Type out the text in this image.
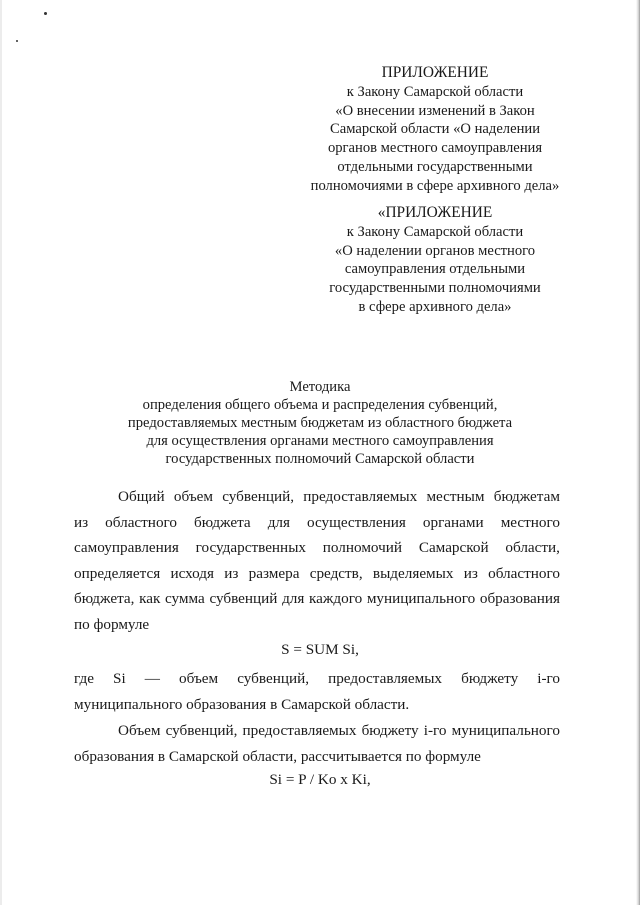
ПРИЛОЖЕНИЕ
к Закону Самарской области
«О внесении изменений в Закон
Самарской области «О наделении
органов местного самоуправления
отдельными государственными
полномочиями в сфере архивного дела»
«ПРИЛОЖЕНИЕ
к Закону Самарской области
«О наделении органов местного
самоуправления отдельными
государственными полномочиями
в сфере архивного дела»
Методика
определения общего объема и распределения субвенций,
предоставляемых местным бюджетам из областного бюджета
для осуществления органами местного самоуправления
государственных полномочий Самарской области
Общий объем субвенций, предоставляемых местным бюджетам
из областного бюджета для осуществления органами местного
самоуправления государственных полномочий Самарской области,
определяется исходя из размера средств, выделяемых из областного
бюджета, как сумма субвенций для каждого муниципального образования
по формуле
S = SUM Si,
где Si — объем субвенций, предоставляемых бюджету i-го
муниципального образования в Самарской области.
Объем субвенций, предоставляемых бюджету i-го муниципального
образования в Самарской области, рассчитывается по формуле
Si = P / Ko x Ki,
